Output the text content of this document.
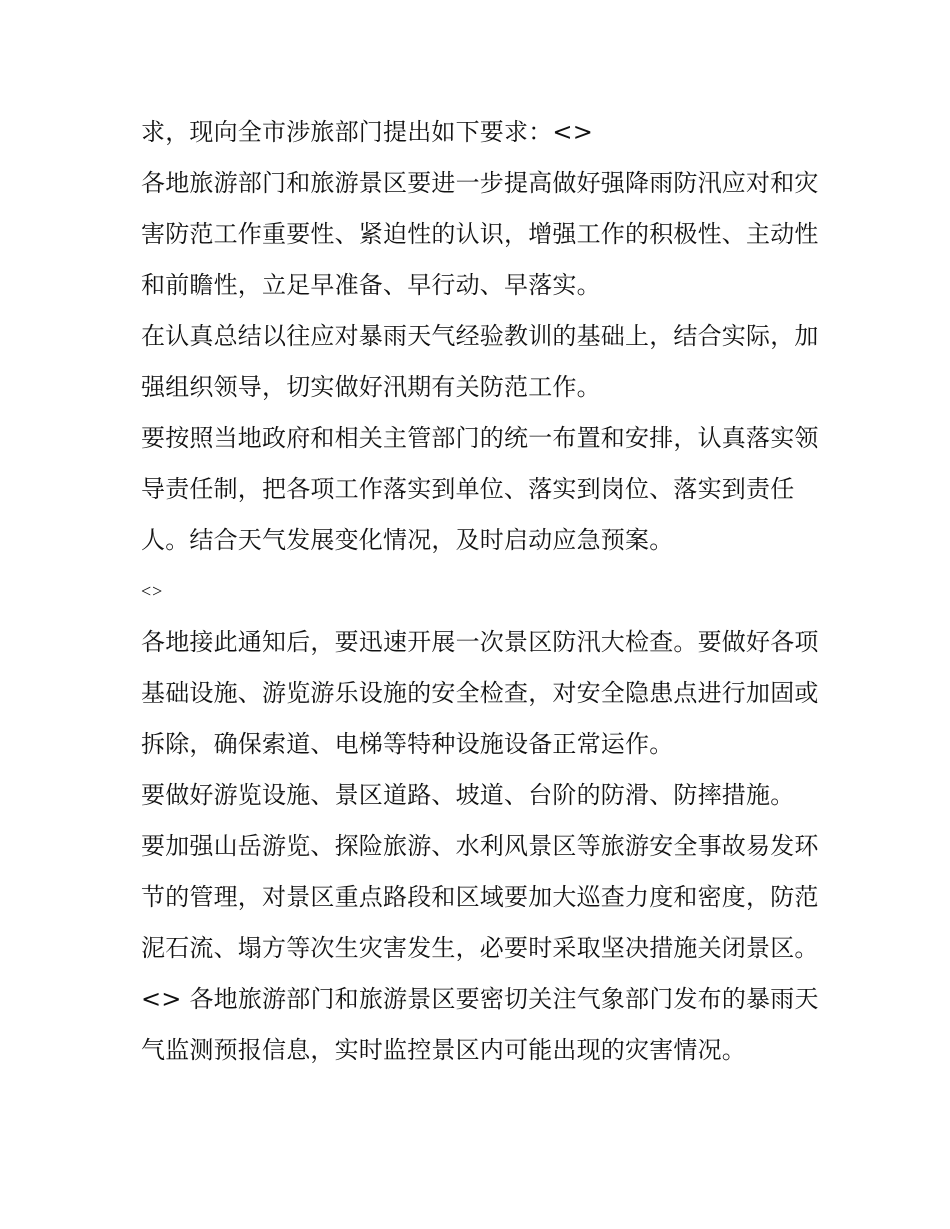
求，现向全市涉旅部门提出如下要求：<>

各地旅游部门和旅游景区要进一步提高做好强降雨防汛应对和灾害防范工作重要性、紧迫性的认识，增强工作的积极性、主动性和前瞻性，立足早准备、早行动、早落实。

在认真总结以往应对暴雨天气经验教训的基础上，结合实际，加强组织领导，切实做好汛期有关防范工作。

要按照当地政府和相关主管部门的统一布置和安排，认真落实领导责任制，把各项工作落实到单位、落实到岗位、落实到责任人。结合天气发展变化情况，及时启动应急预案。

<>

各地接此通知后，要迅速开展一次景区防汛大检查。要做好各项基础设施、游览游乐设施的安全检查，对安全隐患点进行加固或拆除，确保索道、电梯等特种设施设备正常运作。

要做好游览设施、景区道路、坡道、台阶的防滑、防摔措施。

要加强山岳游览、探险旅游、水利风景区等旅游安全事故易发环节的管理，对景区重点路段和区域要加大巡查力度和密度，防范泥石流、塌方等次生灾害发生，必要时采取坚决措施关闭景区。

<> 各地旅游部门和旅游景区要密切关注气象部门发布的暴雨天气监测预报信息，实时监控景区内可能出现的灾害情况。
